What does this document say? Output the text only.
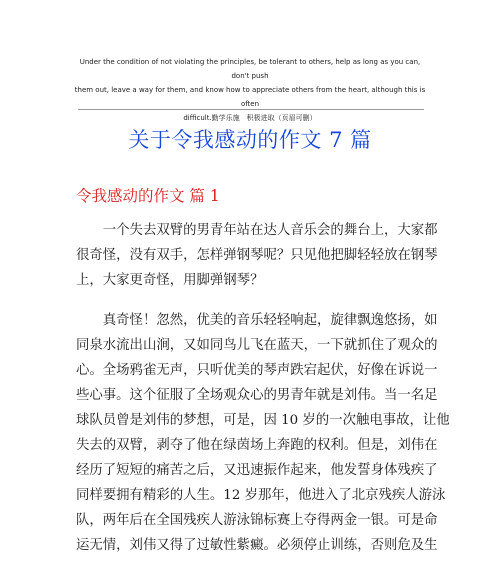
Under the condition of not violating the principles, be tolerant to others, help as long as you can, don't push
them out, leave a way for them, and know how to appreciate others from the heart, although this is often
difficult.勤学乐施　积极进取（页眉可删）
关于令我感动的作文 7 篇
令我感动的作文 篇 1
　　一个失去双臂的男青年站在达人音乐会的舞台上，大家都
很奇怪，没有双手，怎样弹钢琴呢？只见他把脚轻轻放在钢琴
上，大家更奇怪，用脚弹钢琴？
　　真奇怪！忽然，优美的音乐轻轻响起，旋律飘逸悠扬，如
同泉水流出山涧，又如同鸟儿飞在蓝天，一下就抓住了观众的
心。全场鸦雀无声，只听优美的琴声跌宕起伏，好像在诉说一
些心事。这个征服了全场观众心的男青年就是刘伟。当一名足
球队员曾是刘伟的梦想，可是，因 10 岁的一次触电事故，让他
失去的双臂，剥夺了他在绿茵场上奔跑的权利。但是，刘伟在
经历了短短的痛苦之后，又迅速振作起来，他发誓身体残疾了
同样要拥有精彩的人生。12 岁那年，他进入了北京残疾人游泳
队，两年后在全国残疾人游泳锦标赛上夺得两金一银。可是命
运无情，刘伟又得了过敏性紫癜。必须停止训练，否则危及生
